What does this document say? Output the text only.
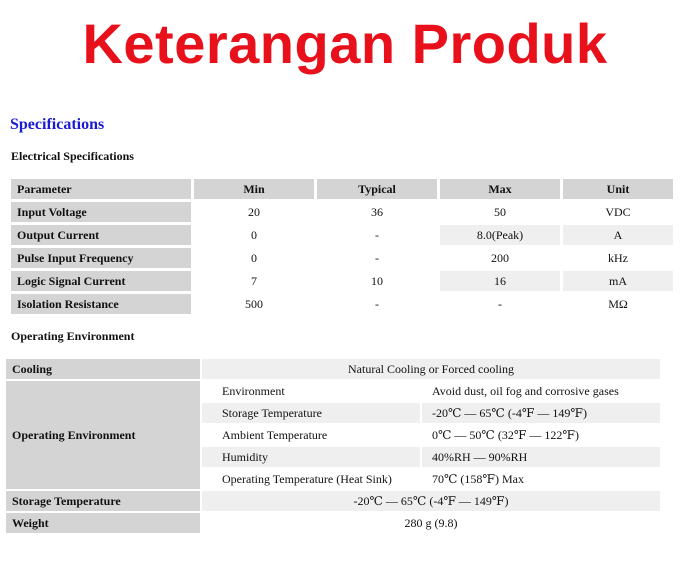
Keterangan Produk
Specifications
Electrical Specifications
Parameter	Min	Typical	Max	Unit
Input Voltage	20	36	50	VDC
Output Current	0	-	8.0(Peak)	A
Pulse Input Frequency	0	-	200	kHz
Logic Signal Current	7	10	16	mA
Isolation Resistance	500	-	-	MΩ
Operating Environment
Cooling	Natural Cooling or Forced cooling	
Operating Environment	Environment	Avoid dust, oil fog and corrosive gases
	Storage Temperature	-20℃ — 65℃ (-4℉ — 149℉)
	Ambient Temperature	0℃ — 50℃ (32℉ — 122℉)
	Humidity	40%RH — 90%RH
	Operating Temperature (Heat Sink)	70℃ (158℉) Max
Storage Temperature	-20℃ — 65℃ (-4℉ — 149℉)	
Weight	280 g (9.8)	
